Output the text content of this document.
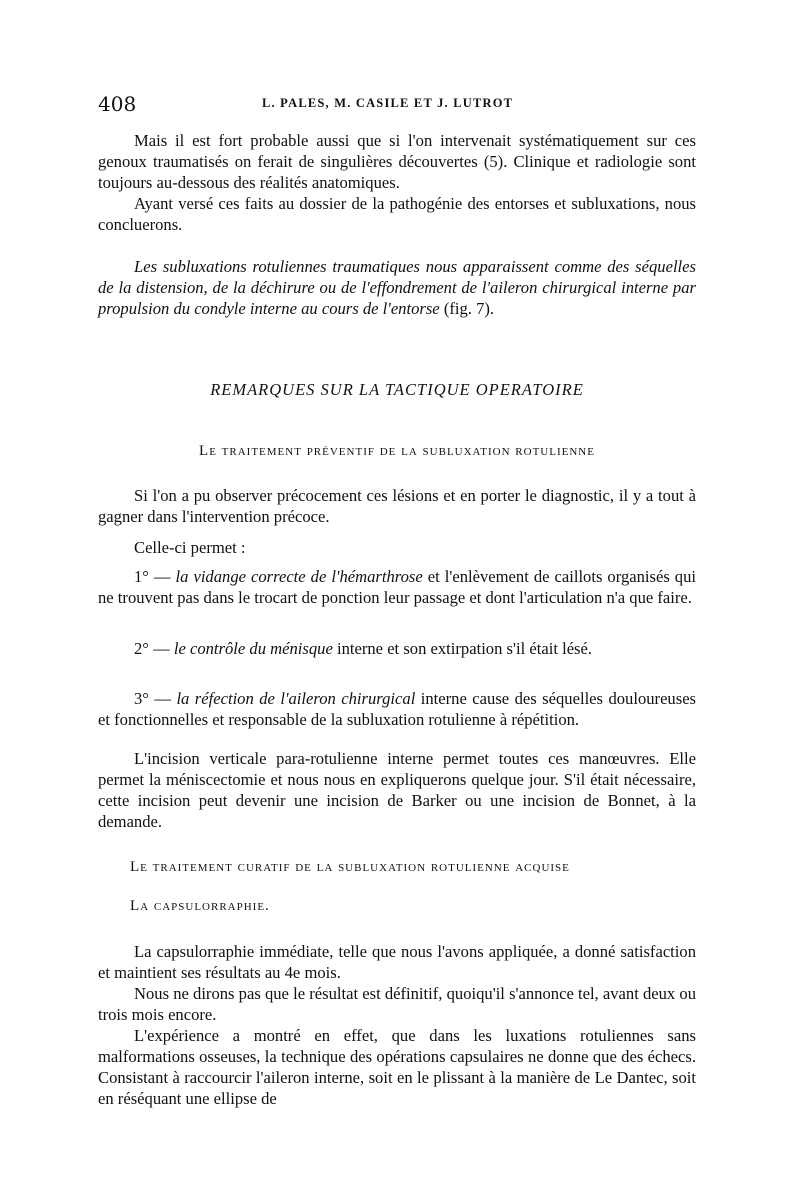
408	L. PALES, M. CASILE ET J. LUTROT

Mais il est fort probable aussi que si l'on intervenait systématiquement sur ces genoux traumatisés on ferait de singulières découvertes (5). Clinique et radiologie sont toujours au-dessous des réalités anatomiques.

Ayant versé ces faits au dossier de la pathogénie des entorses et subluxations, nous concluerons.

Les subluxations rotuliennes traumatiques nous apparaissent comme des séquelles de la distension, de la déchirure ou de l'effondrement de l'aileron chirurgical interne par propulsion du condyle interne au cours de l'entorse (fig. 7).

REMARQUES SUR LA TACTIQUE OPERATOIRE
Le traitement préventif de la subluxation rotulienne

Si l'on a pu observer précocement ces lésions et en porter le diagnostic, il y a tout à gagner dans l'intervention précoce.

Celle-ci permet :

1° — la vidange correcte de l'hémarthrose et l'enlèvement de caillots organisés qui ne trouvent pas dans le trocart de ponction leur passage et dont l'articulation n'a que faire.

2° — le contrôle du ménisque interne et son extirpation s'il était lésé.

3° — la réfection de l'aileron chirurgical interne cause des séquelles douloureuses et fonctionnelles et responsable de la subluxation rotulienne à répétition.

L'incision verticale para-rotulienne interne permet toutes ces manœuvres. Elle permet la méniscectomie et nous nous en expliquerons quelque jour. S'il était nécessaire, cette incision peut devenir une incision de Barker ou une incision de Bonnet, à la demande.

Le traitement curatif de la subluxation rotulienne acquise
La capsulorraphie.

La capsulorraphie immédiate, telle que nous l'avons appliquée, a donné satisfaction et maintient ses résultats au 4e mois.

Nous ne dirons pas que le résultat est définitif, quoiqu'il s'annonce tel, avant deux ou trois mois encore.

L'expérience a montré en effet, que dans les luxations rotuliennes sans malformations osseuses, la technique des opérations capsulaires ne donne que des échecs. Consistant à raccourcir l'aileron interne, soit en le plissant à la manière de Le Dantec, soit en réséquant une ellipse de
